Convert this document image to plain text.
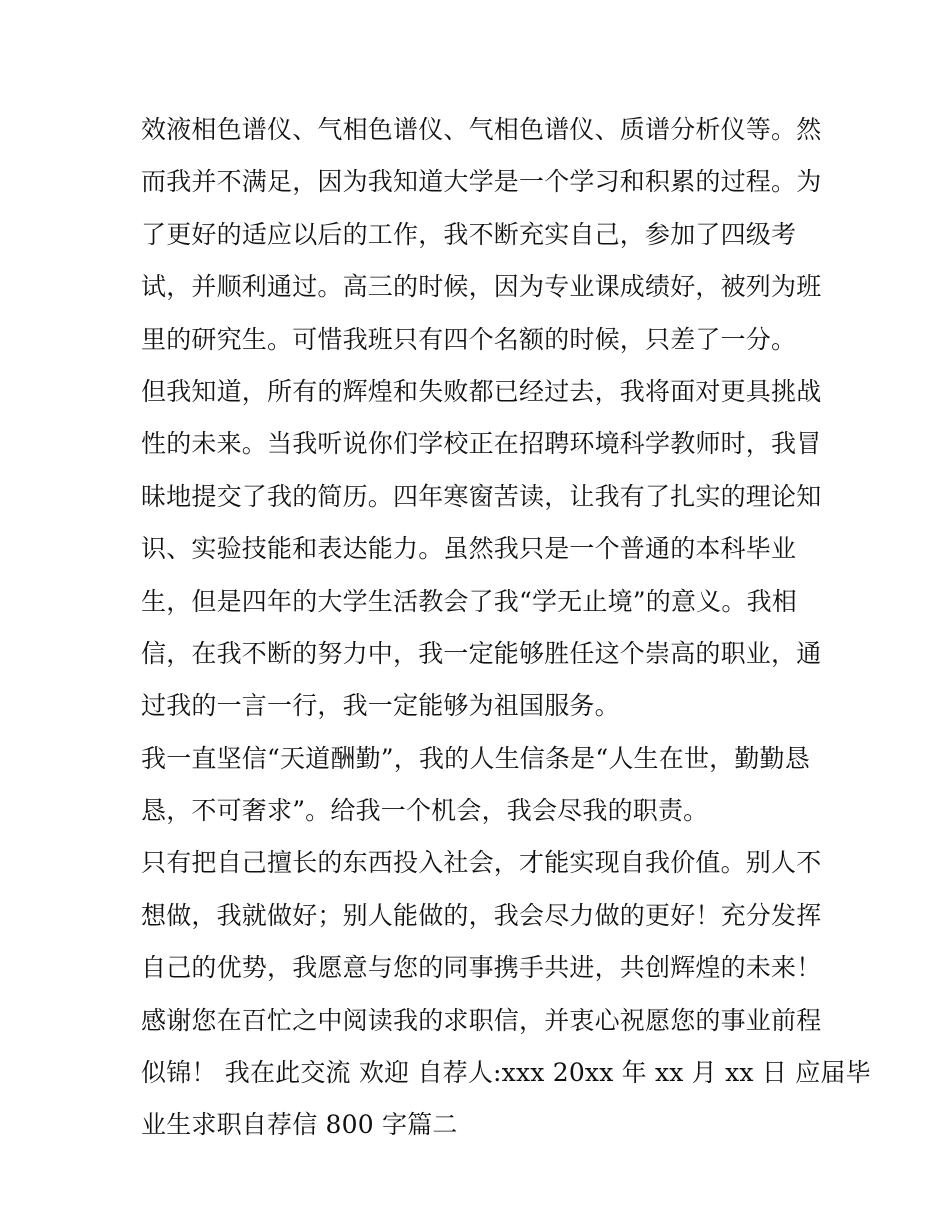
效液相色谱仪、气相色谱仪、气相色谱仪、质谱分析仪等。然
而我并不满足，因为我知道大学是一个学习和积累的过程。为
了更好的适应以后的工作，我不断充实自己，参加了四级考
试，并顺利通过。高三的时候，因为专业课成绩好，被列为班
里的研究生。可惜我班只有四个名额的时候，只差了一分。
但我知道，所有的辉煌和失败都已经过去，我将面对更具挑战
性的未来。当我听说你们学校正在招聘环境科学教师时，我冒
昧地提交了我的简历。四年寒窗苦读，让我有了扎实的理论知
识、实验技能和表达能力。虽然我只是一个普通的本科毕业
生，但是四年的大学生活教会了我“学无止境”的意义。我相
信，在我不断的努力中，我一定能够胜任这个崇高的职业，通
过我的一言一行，我一定能够为祖国服务。
我一直坚信“天道酬勤”，我的人生信条是“人生在世，勤勤恳
恳，不可奢求”。给我一个机会，我会尽我的职责。
只有把自己擅长的东西投入社会，才能实现自我价值。别人不
想做，我就做好；别人能做的，我会尽力做的更好！充分发挥
自己的优势，我愿意与您的同事携手共进，共创辉煌的未来！
感谢您在百忙之中阅读我的求职信，并衷心祝愿您的事业前程
似锦！ 我在此交流 欢迎 自荐人:xxx 20xx 年 xx 月 xx 日 应届毕
业生求职自荐信 800 字篇二
